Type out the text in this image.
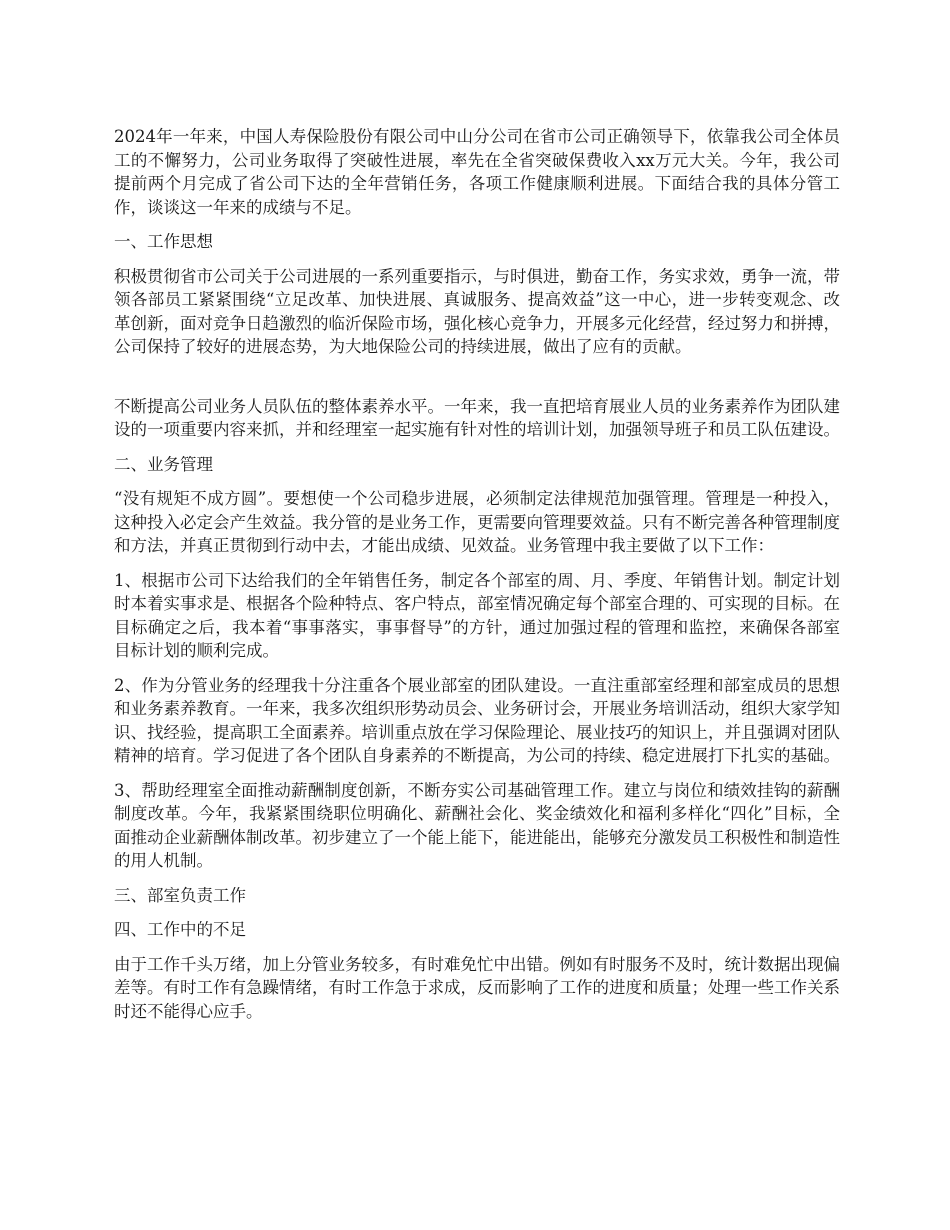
2024年一年来，中国人寿保险股份有限公司中山分公司在省市公司正确领导下，依靠我公司全体员工的不懈努力，公司业务取得了突破性进展，率先在全省突破保费收入xx万元大关。今年，我公司提前两个月完成了省公司下达的全年营销任务，各项工作健康顺利进展。下面结合我的具体分管工作，谈谈这一年来的成绩与不足。

一、工作思想

积极贯彻省市公司关于公司进展的一系列重要指示，与时俱进，勤奋工作，务实求效，勇争一流，带领各部员工紧紧围绕“立足改革、加快进展、真诚服务、提高效益”这一中心，进一步转变观念、改革创新，面对竞争日趋激烈的临沂保险市场，强化核心竞争力，开展多元化经营，经过努力和拼搏，公司保持了较好的进展态势，为大地保险公司的持续进展，做出了应有的贡献。

不断提高公司业务人员队伍的整体素养水平。一年来，我一直把培育展业人员的业务素养作为团队建设的一项重要内容来抓，并和经理室一起实施有针对性的培训计划，加强领导班子和员工队伍建设。

二、业务管理

“没有规矩不成方圆”。要想使一个公司稳步进展，必须制定法律规范加强管理。管理是一种投入，这种投入必定会产生效益。我分管的是业务工作，更需要向管理要效益。只有不断完善各种管理制度和方法，并真正贯彻到行动中去，才能出成绩、见效益。业务管理中我主要做了以下工作：

1、根据市公司下达给我们的全年销售任务，制定各个部室的周、月、季度、年销售计划。制定计划时本着实事求是、根据各个险种特点、客户特点，部室情况确定每个部室合理的、可实现的目标。在目标确定之后，我本着“事事落实，事事督导”的方针，通过加强过程的管理和监控，来确保各部室目标计划的顺利完成。

2、作为分管业务的经理我十分注重各个展业部室的团队建设。一直注重部室经理和部室成员的思想和业务素养教育。一年来，我多次组织形势动员会、业务研讨会，开展业务培训活动，组织大家学知识、找经验，提高职工全面素养。培训重点放在学习保险理论、展业技巧的知识上，并且强调对团队精神的培育。学习促进了各个团队自身素养的不断提高，为公司的持续、稳定进展打下扎实的基础。

3、帮助经理室全面推动薪酬制度创新，不断夯实公司基础管理工作。建立与岗位和绩效挂钩的薪酬制度改革。今年，我紧紧围绕职位明确化、薪酬社会化、奖金绩效化和福利多样化“四化”目标，全面推动企业薪酬体制改革。初步建立了一个能上能下，能进能出，能够充分激发员工积极性和制造性的用人机制。

三、部室负责工作

四、工作中的不足

由于工作千头万绪，加上分管业务较多，有时难免忙中出错。例如有时服务不及时，统计数据出现偏差等。有时工作有急躁情绪，有时工作急于求成，反而影响了工作的进度和质量；处理一些工作关系时还不能得心应手。
